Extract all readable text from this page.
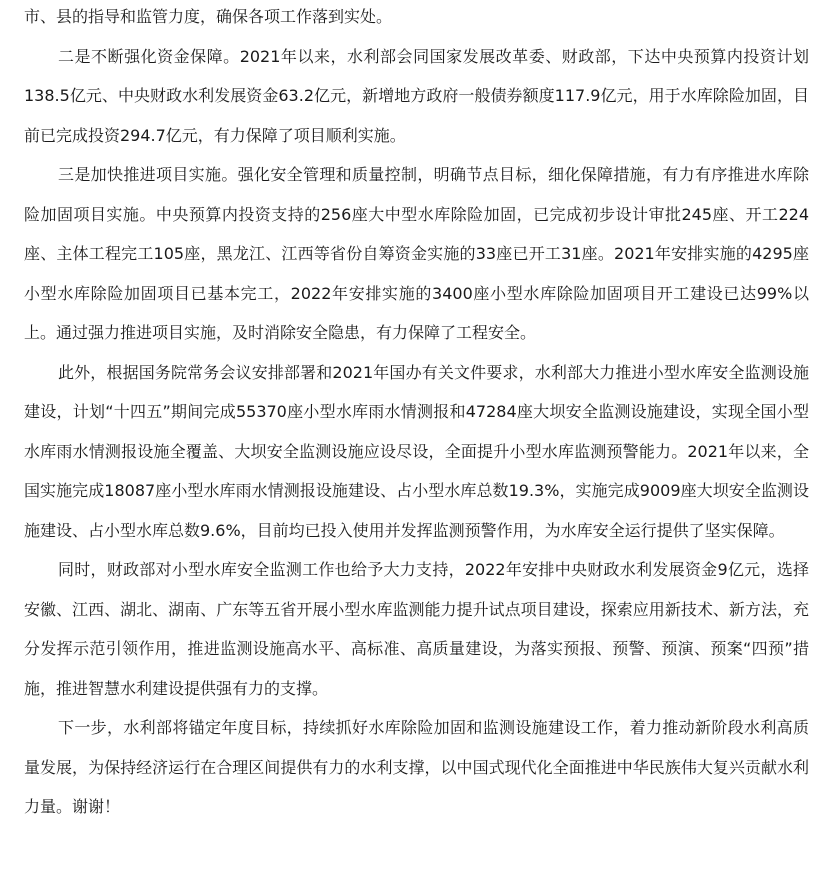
市、县的指导和监管力度，确保各项工作落到实处。

二是不断强化资金保障。2021年以来，水利部会同国家发展改革委、财政部，下达中央预算内投资计划138.5亿元、中央财政水利发展资金63.2亿元，新增地方政府一般债券额度117.9亿元，用于水库除险加固，目前已完成投资294.7亿元，有力保障了项目顺利实施。

三是加快推进项目实施。强化安全管理和质量控制，明确节点目标，细化保障措施，有力有序推进水库除险加固项目实施。中央预算内投资支持的256座大中型水库除险加固，已完成初步设计审批245座、开工224座、主体工程完工105座，黑龙江、江西等省份自筹资金实施的33座已开工31座。2021年安排实施的4295座小型水库除险加固项目已基本完工，2022年安排实施的3400座小型水库除险加固项目开工建设已达99%以上。通过强力推进项目实施，及时消除安全隐患，有力保障了工程安全。

此外，根据国务院常务会议安排部署和2021年国办有关文件要求，水利部大力推进小型水库安全监测设施建设，计划“十四五”期间完成55370座小型水库雨水情测报和47284座大坝安全监测设施建设，实现全国小型水库雨水情测报设施全覆盖、大坝安全监测设施应设尽设，全面提升小型水库监测预警能力。2021年以来，全国实施完成18087座小型水库雨水情测报设施建设、占小型水库总数19.3%，实施完成9009座大坝安全监测设施建设、占小型水库总数9.6%，目前均已投入使用并发挥监测预警作用，为水库安全运行提供了坚实保障。

同时，财政部对小型水库安全监测工作也给予大力支持，2022年安排中央财政水利发展资金9亿元，选择安徽、江西、湖北、湖南、广东等五省开展小型水库监测能力提升试点项目建设，探索应用新技术、新方法，充分发挥示范引领作用，推进监测设施高水平、高标准、高质量建设，为落实预报、预警、预演、预案“四预”措施，推进智慧水利建设提供强有力的支撑。

下一步，水利部将锚定年度目标，持续抓好水库除险加固和监测设施建设工作，着力推动新阶段水利高质量发展，为保持经济运行在合理区间提供有力的水利支撑，以中国式现代化全面推进中华民族伟大复兴贡献水利力量。谢谢！
